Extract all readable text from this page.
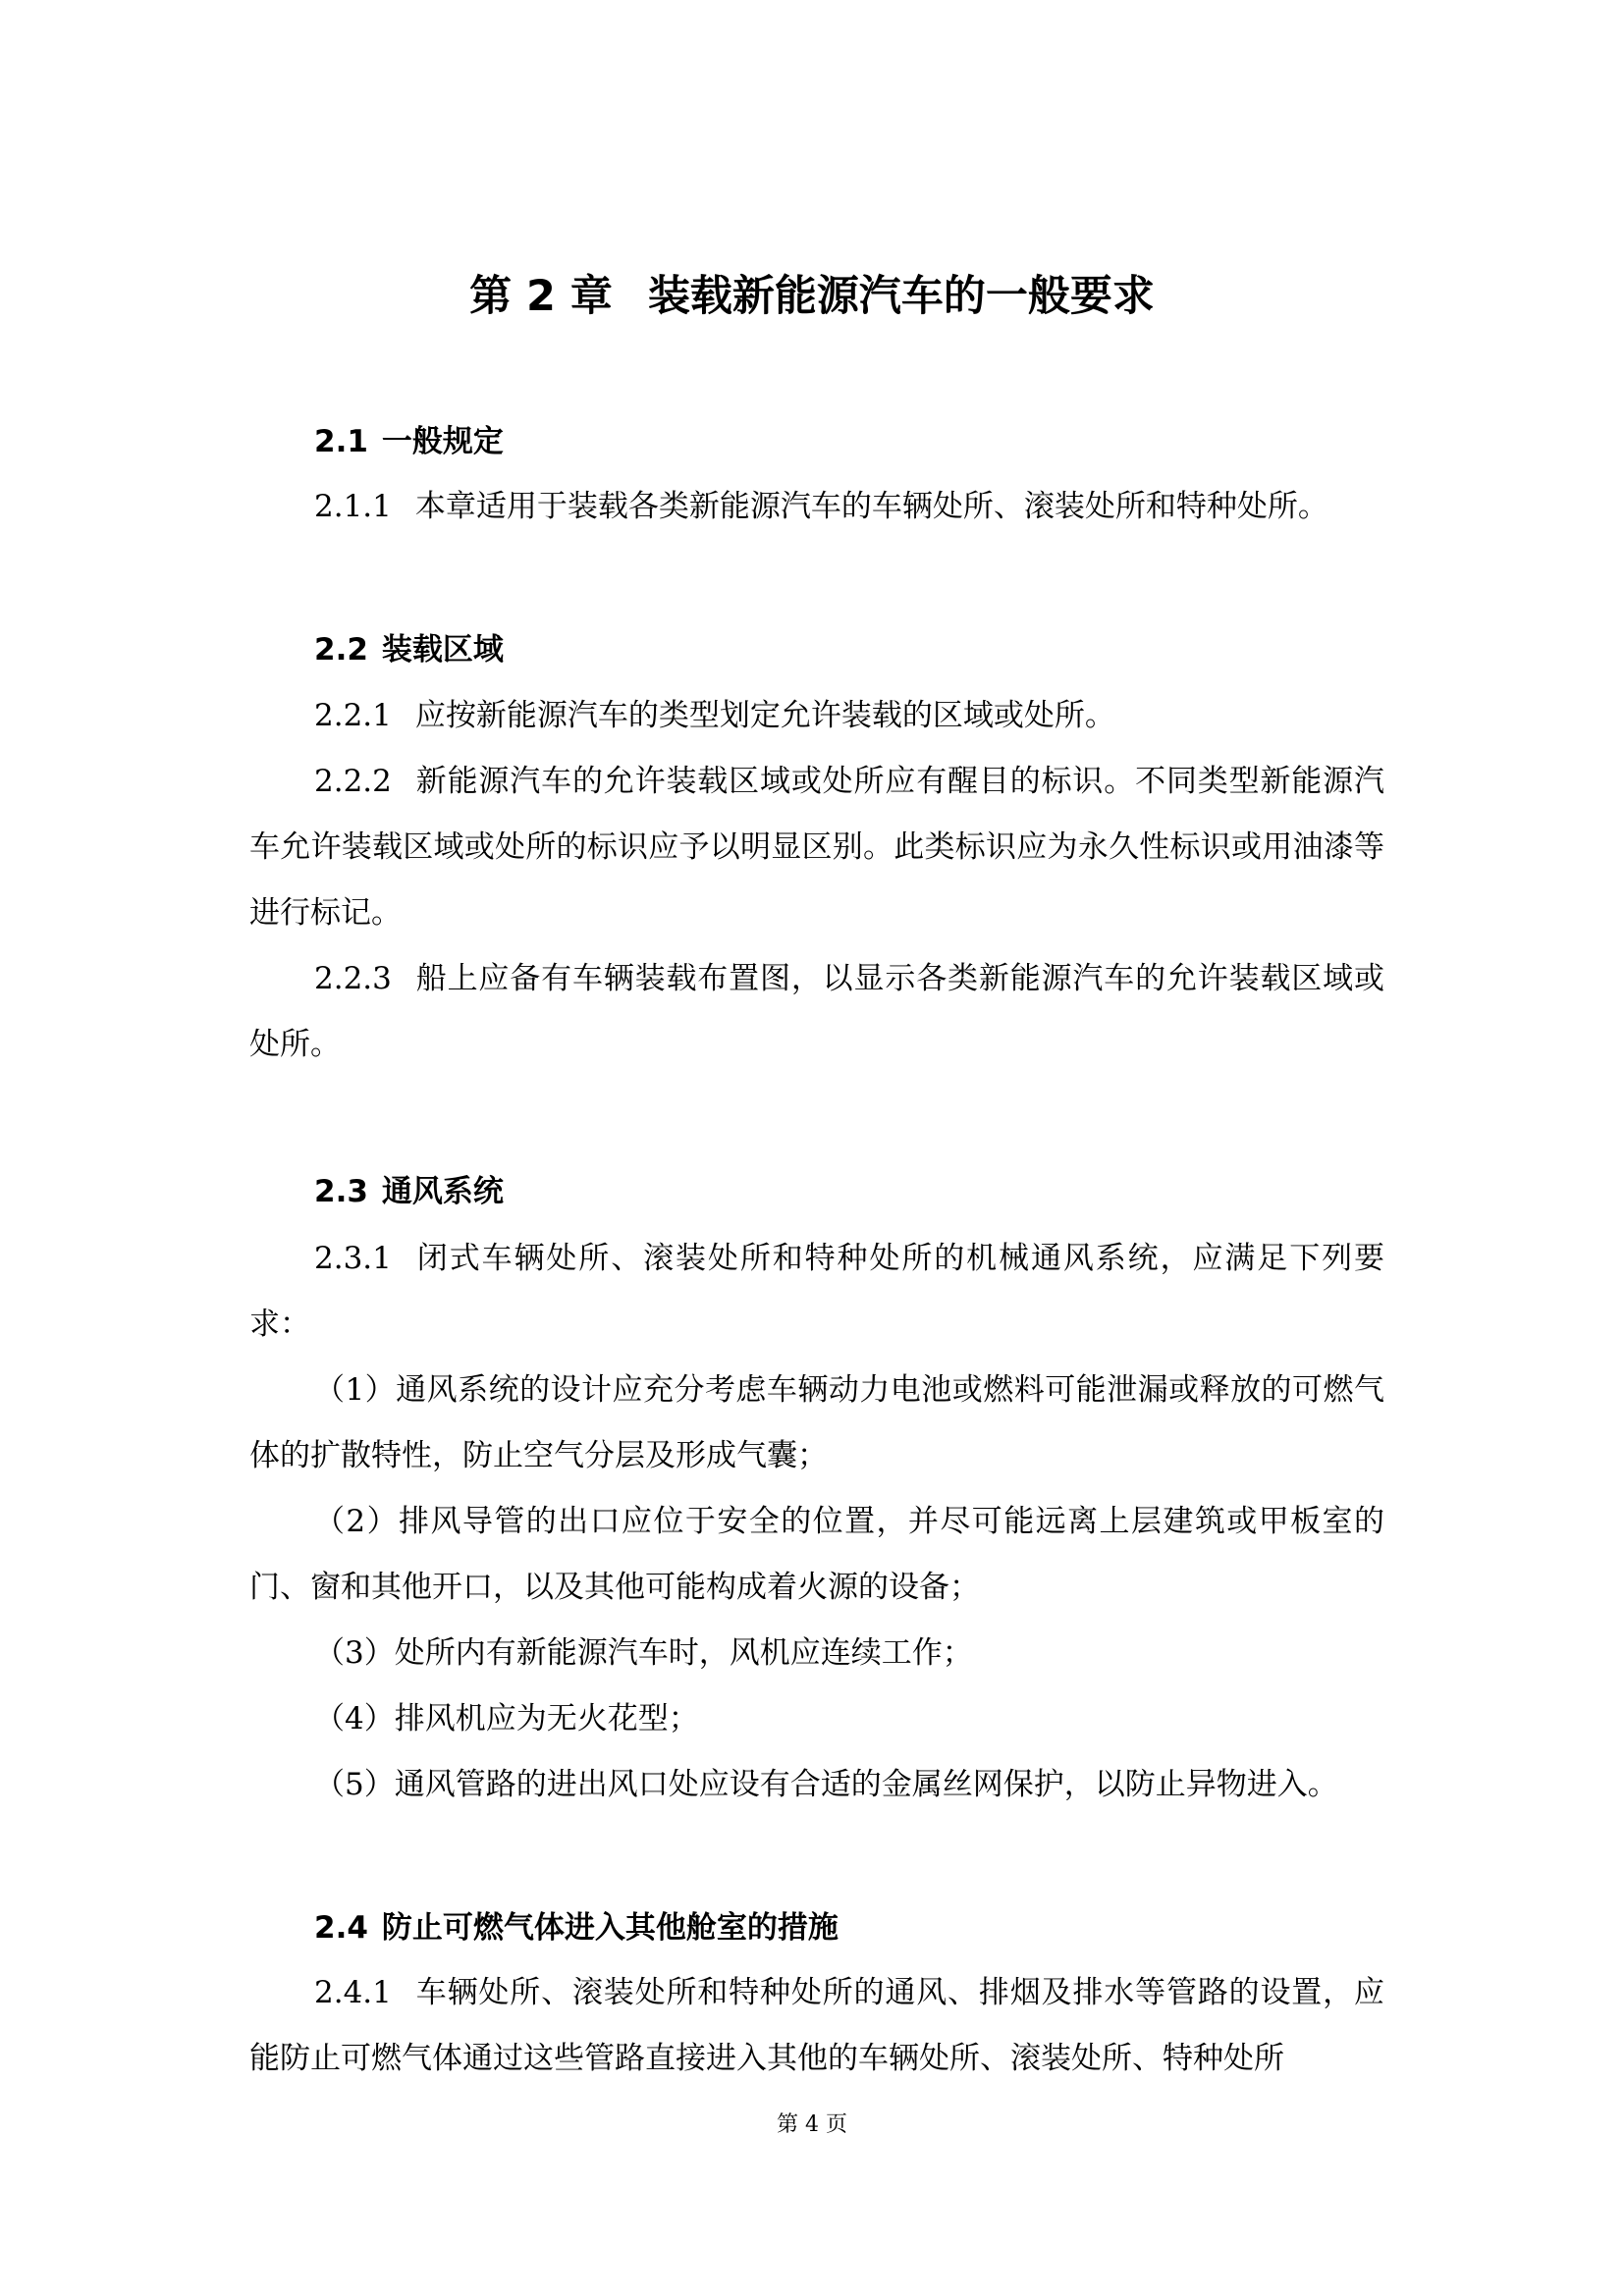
第 2 章 装载新能源汽车的一般要求
2.1 一般规定

2.1.1 本章适用于装载各类新能源汽车的车辆处所、滚装处所和特种处所。

2.2 装载区域

2.2.1 应按新能源汽车的类型划定允许装载的区域或处所。

2.2.2 新能源汽车的允许装载区域或处所应有醒目的标识。不同类型新能源汽车允许装载区域或处所的标识应予以明显区别。此类标识应为永久性标识或用油漆等进行标记。

2.2.3 船上应备有车辆装载布置图，以显示各类新能源汽车的允许装载区域或处所。

2.3 通风系统

2.3.1 闭式车辆处所、滚装处所和特种处所的机械通风系统，应满足下列要求：

（1）通风系统的设计应充分考虑车辆动力电池或燃料可能泄漏或释放的可燃气体的扩散特性，防止空气分层及形成气囊；

（2）排风导管的出口应位于安全的位置，并尽可能远离上层建筑或甲板室的门、窗和其他开口，以及其他可能构成着火源的设备；

（3）处所内有新能源汽车时，风机应连续工作；

（4）排风机应为无火花型；

（5）通风管路的进出风口处应设有合适的金属丝网保护，以防止异物进入。

2.4 防止可燃气体进入其他舱室的措施

2.4.1 车辆处所、滚装处所和特种处所的通风、排烟及排水等管路的设置，应能防止可燃气体通过这些管路直接进入其他的车辆处所、滚装处所、特种处所

第 4 页
